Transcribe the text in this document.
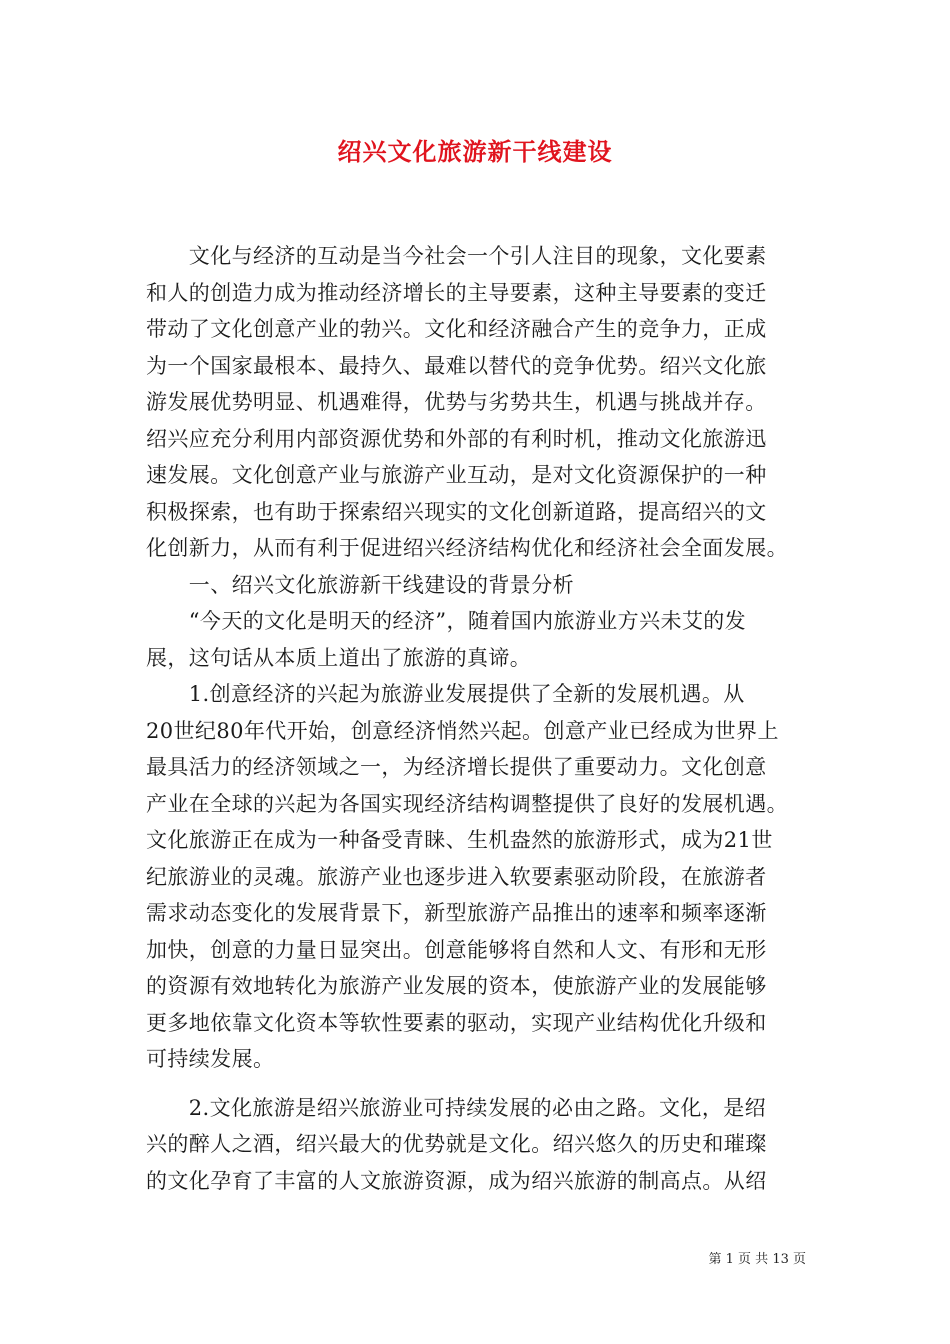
绍兴文化旅游新干线建设
　　文化与经济的互动是当今社会一个引人注目的现象，文化要素
和人的创造力成为推动经济增长的主导要素，这种主导要素的变迁
带动了文化创意产业的勃兴。文化和经济融合产生的竞争力，正成
为一个国家最根本、最持久、最难以替代的竞争优势。绍兴文化旅
游发展优势明显、机遇难得，优势与劣势共生，机遇与挑战并存。
绍兴应充分利用内部资源优势和外部的有利时机，推动文化旅游迅
速发展。文化创意产业与旅游产业互动，是对文化资源保护的一种
积极探索，也有助于探索绍兴现实的文化创新道路，提高绍兴的文
化创新力，从而有利于促进绍兴经济结构优化和经济社会全面发展。
　　一、绍兴文化旅游新干线建设的背景分析
　　“今天的文化是明天的经济”，随着国内旅游业方兴未艾的发
展，这句话从本质上道出了旅游的真谛。
　　1.创意经济的兴起为旅游业发展提供了全新的发展机遇。从
20世纪80年代开始，创意经济悄然兴起。创意产业已经成为世界上
最具活力的经济领域之一，为经济增长提供了重要动力。文化创意
产业在全球的兴起为各国实现经济结构调整提供了良好的发展机遇。
文化旅游正在成为一种备受青睐、生机盎然的旅游形式，成为21世
纪旅游业的灵魂。旅游产业也逐步进入软要素驱动阶段，在旅游者
需求动态变化的发展背景下，新型旅游产品推出的速率和频率逐渐
加快，创意的力量日显突出。创意能够将自然和人文、有形和无形
的资源有效地转化为旅游产业发展的资本，使旅游产业的发展能够
更多地依靠文化资本等软性要素的驱动，实现产业结构优化升级和
可持续发展。
　　2.文化旅游是绍兴旅游业可持续发展的必由之路。文化，是绍
兴的醉人之酒，绍兴最大的优势就是文化。绍兴悠久的历史和璀璨
的文化孕育了丰富的人文旅游资源，成为绍兴旅游的制高点。从绍
第 1 页 共 13 页
